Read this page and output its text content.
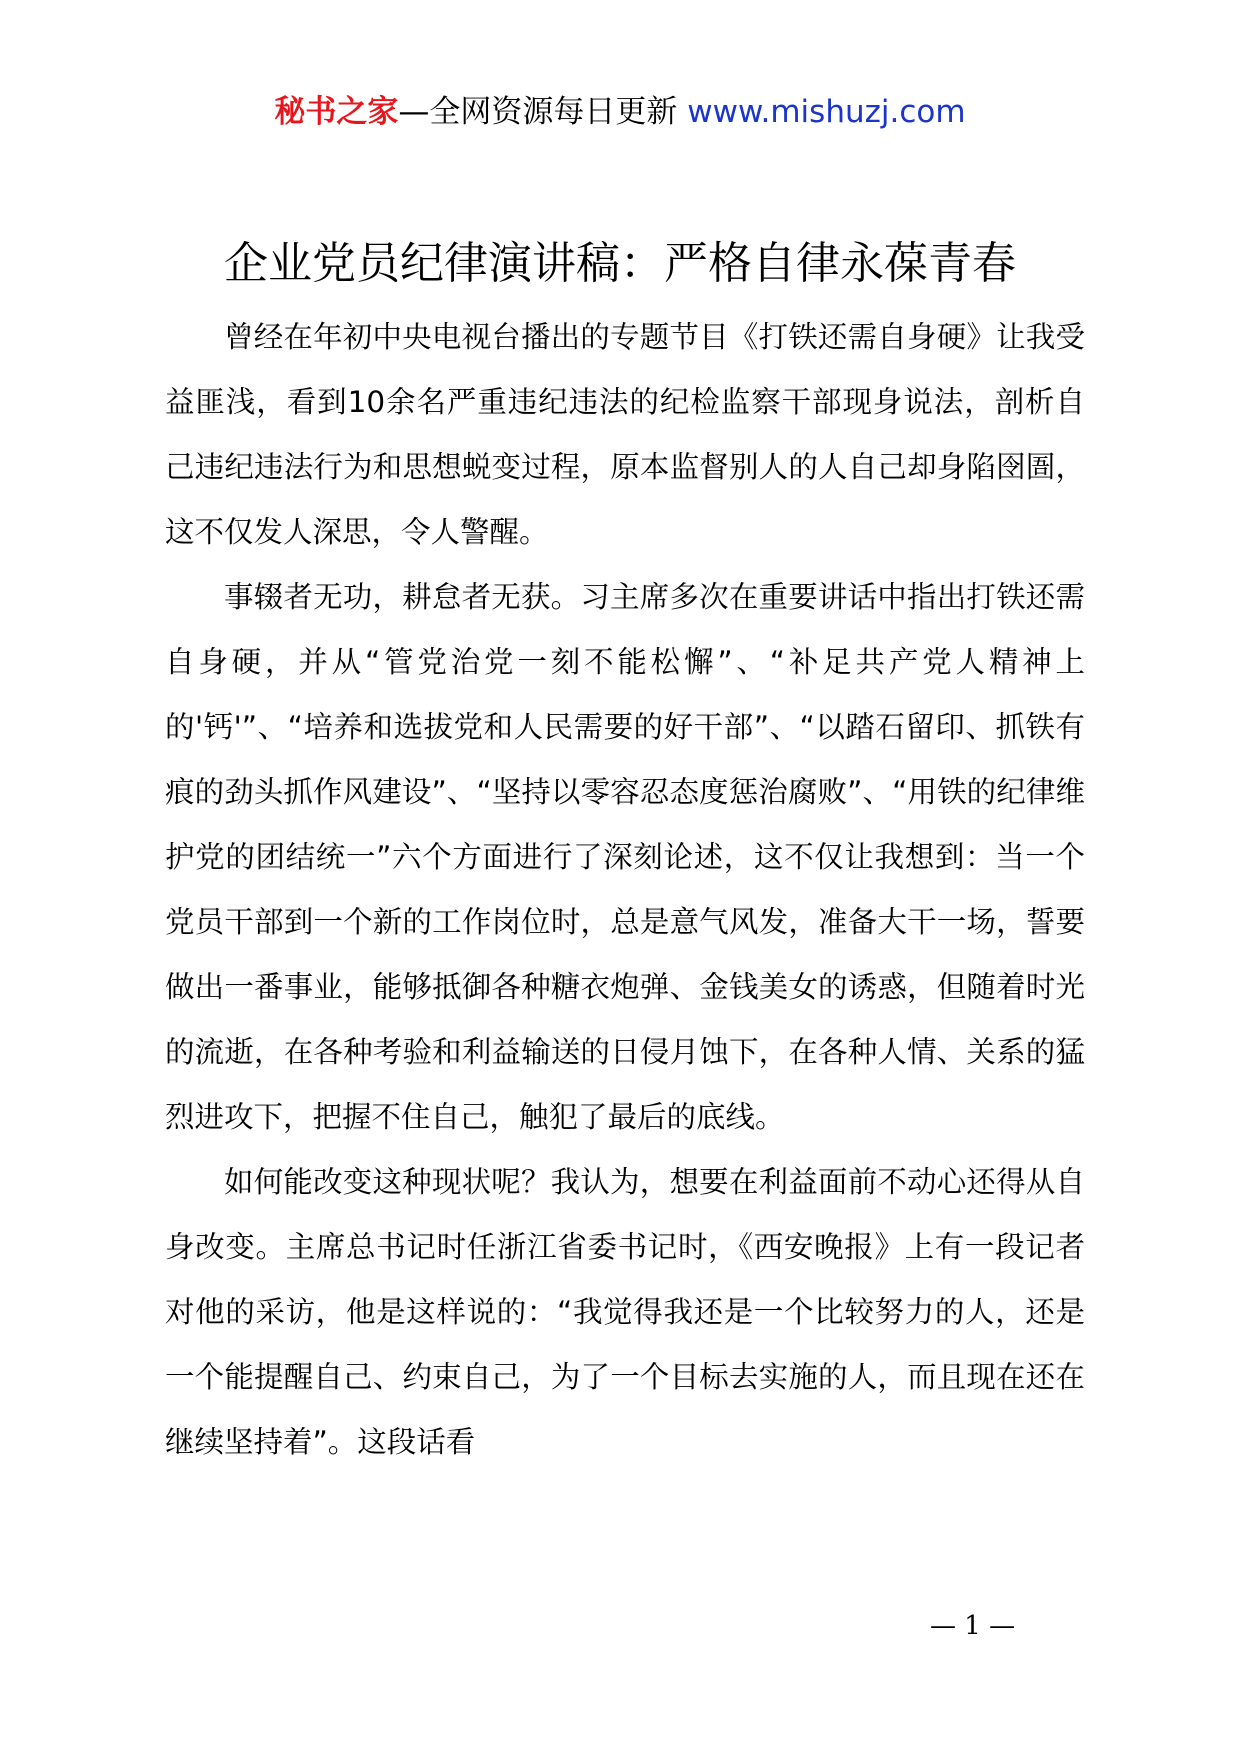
秘书之家—全网资源每日更新 www.mishuzj.com
企业党员纪律演讲稿：严格自律永葆青春

曾经在年初中央电视台播出的专题节目《打铁还需自身硬》让我受益匪浅，看到10余名严重违纪违法的纪检监察干部现身说法，剖析自己违纪违法行为和思想蜕变过程，原本监督别人的人自己却身陷囹圄，这不仅发人深思，令人警醒。

事辍者无功，耕怠者无获。习主席多次在重要讲话中指出打铁还需自身硬，并从“管党治党一刻不能松懈”、“补足共产党人精神上的'钙'”、“培养和选拔党和人民需要的好干部”、“以踏石留印、抓铁有痕的劲头抓作风建设”、“坚持以零容忍态度惩治腐败”、“用铁的纪律维护党的团结统一”六个方面进行了深刻论述，这不仅让我想到：当一个党员干部到一个新的工作岗位时，总是意气风发，准备大干一场，誓要做出一番事业，能够抵御各种糖衣炮弹、金钱美女的诱惑，但随着时光的流逝，在各种考验和利益输送的日侵月蚀下，在各种人情、关系的猛烈进攻下，把握不住自己，触犯了最后的底线。

如何能改变这种现状呢？我认为，想要在利益面前不动心还得从自身改变。主席总书记时任浙江省委书记时，《西安晚报》上有一段记者对他的采访，他是这样说的：“我觉得我还是一个比较努力的人，还是一个能提醒自己、约束自己，为了一个目标去实施的人，而且现在还在继续坚持着”。这段话看

— 1 —
